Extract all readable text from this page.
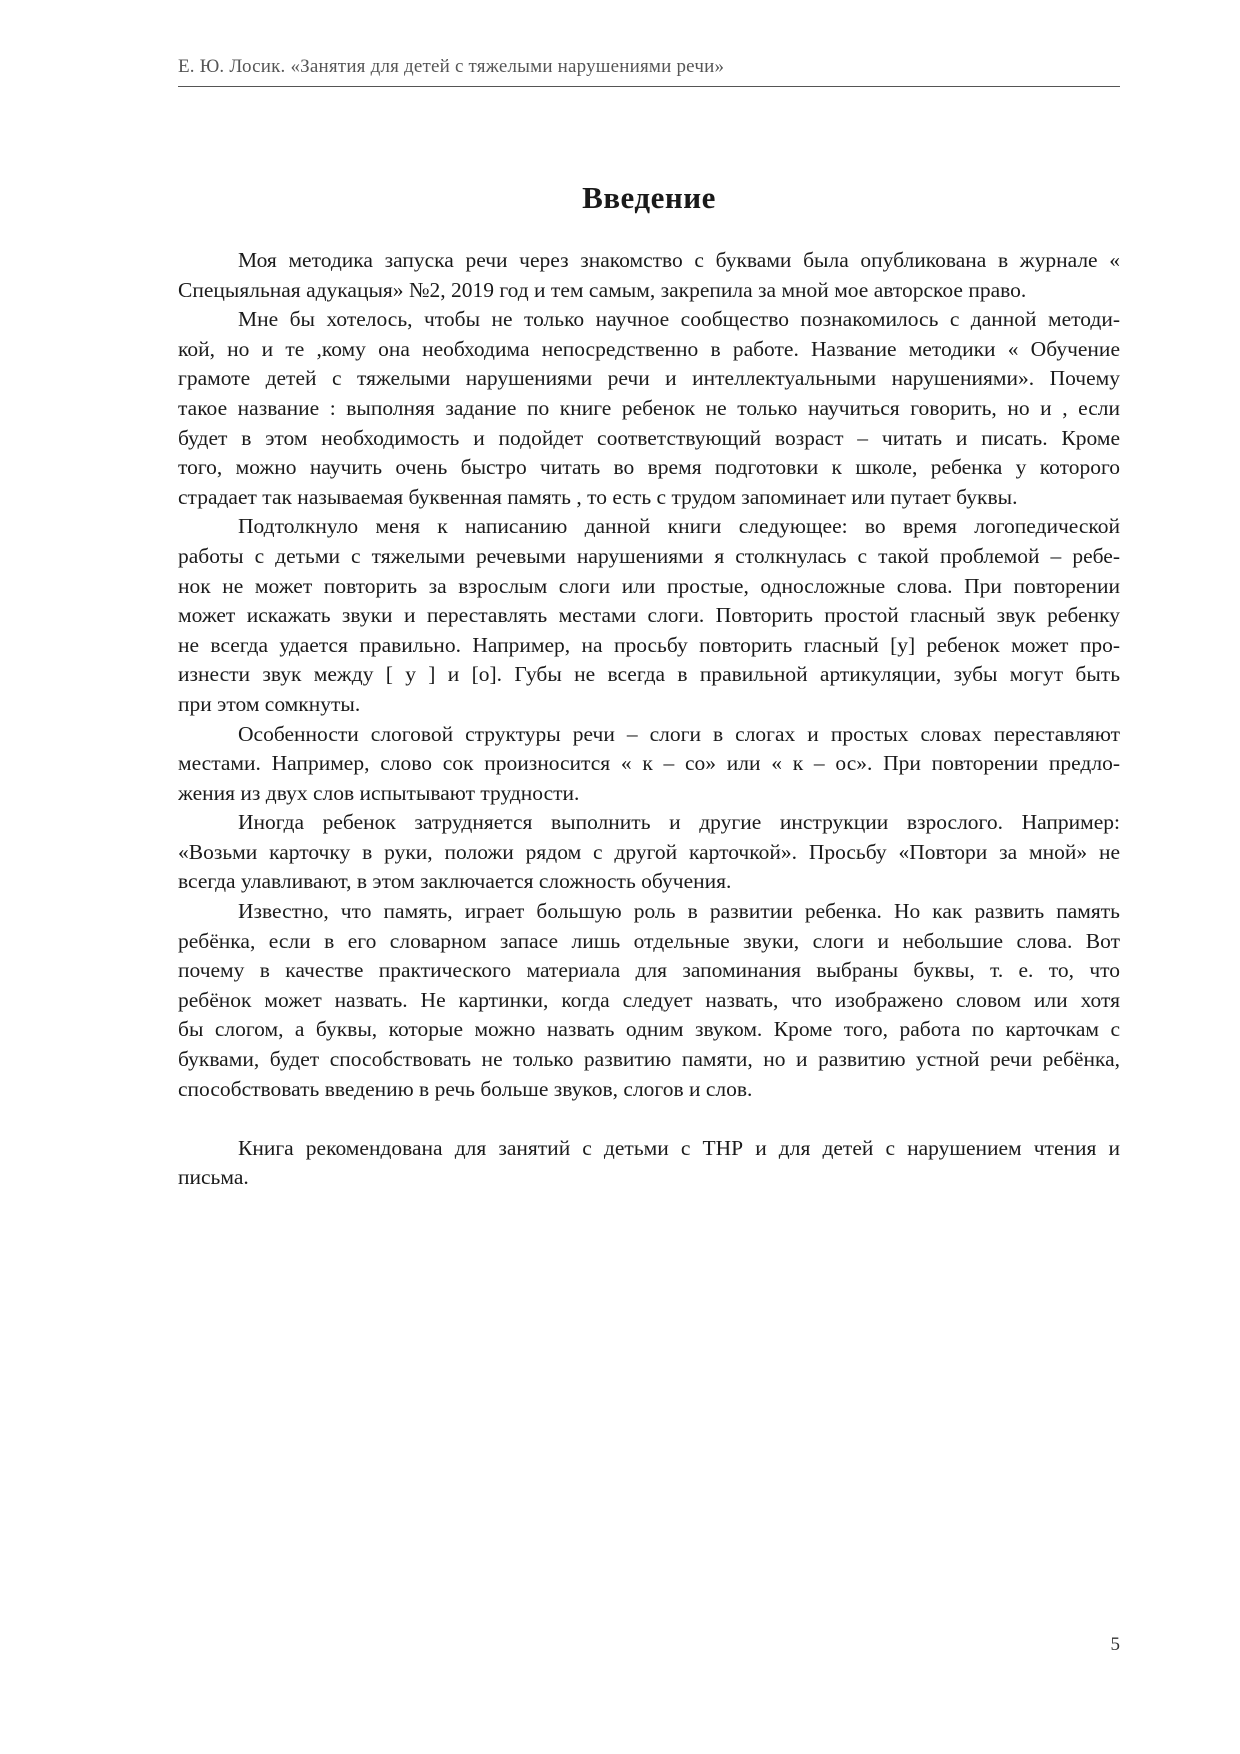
Е. Ю. Лосик. «Занятия для детей с тяжелыми нарушениями речи»
Введение
Моя методика запуска речи через знакомство с буквами была опубликована в журнале «
Спецыяльная адукацыя» №2, 2019 год и тем самым, закрепила за мной мое авторское право.
Мне бы хотелось, чтобы не только научное сообщество познакомилось с данной методи-
кой, но и те ,кому она необходима непосредственно в работе. Название методики « Обучение
грамоте детей с тяжелыми нарушениями речи и интеллектуальными нарушениями». Почему
такое название : выполняя задание по книге ребенок не только научиться говорить, но и , если
будет в этом необходимость и подойдет соответствующий возраст – читать и писать. Кроме
того, можно научить очень быстро читать во время подготовки к школе, ребенка у которого
страдает так называемая буквенная память , то есть с трудом запоминает или путает буквы.
Подтолкнуло меня к написанию данной книги следующее: во время логопедической
работы с детьми с тяжелыми речевыми нарушениями я столкнулась с такой проблемой – ребе-
нок не может повторить за взрослым слоги или простые, односложные слова. При повторении
может искажать звуки и переставлять местами слоги. Повторить простой гласный звук ребенку
не всегда удается правильно. Например, на просьбу повторить гласный [у] ребенок может про-
изнести звук между [ у ] и [о]. Губы не всегда в правильной артикуляции, зубы могут быть
при этом сомкнуты.
Особенности слоговой структуры речи – слоги в слогах и простых словах переставляют
местами. Например, слово сок произносится « к – со» или « к – ос». При повторении предло-
жения из двух слов испытывают трудности.
Иногда ребенок затрудняется выполнить и другие инструкции взрослого. Например:
«Возьми карточку в руки, положи рядом с другой карточкой». Просьбу «Повтори за мной» не
всегда улавливают, в этом заключается сложность обучения.
Известно, что память, играет большую роль в развитии ребенка. Но как развить память
ребёнка, если в его словарном запасе лишь отдельные звуки, слоги и небольшие слова. Вот
почему в качестве практического материала для запоминания выбраны буквы, т. е. то, что
ребёнок может назвать. Не картинки, когда следует назвать, что изображено словом или хотя
бы слогом, а буквы, которые можно назвать одним звуком. Кроме того, работа по карточкам с
буквами, будет способствовать не только развитию памяти, но и развитию устной речи ребёнка,
способствовать введению в речь больше звуков, слогов и слов.
Книга рекомендована для занятий с детьми с ТНР и для детей с нарушением чтения и
письма.
5
